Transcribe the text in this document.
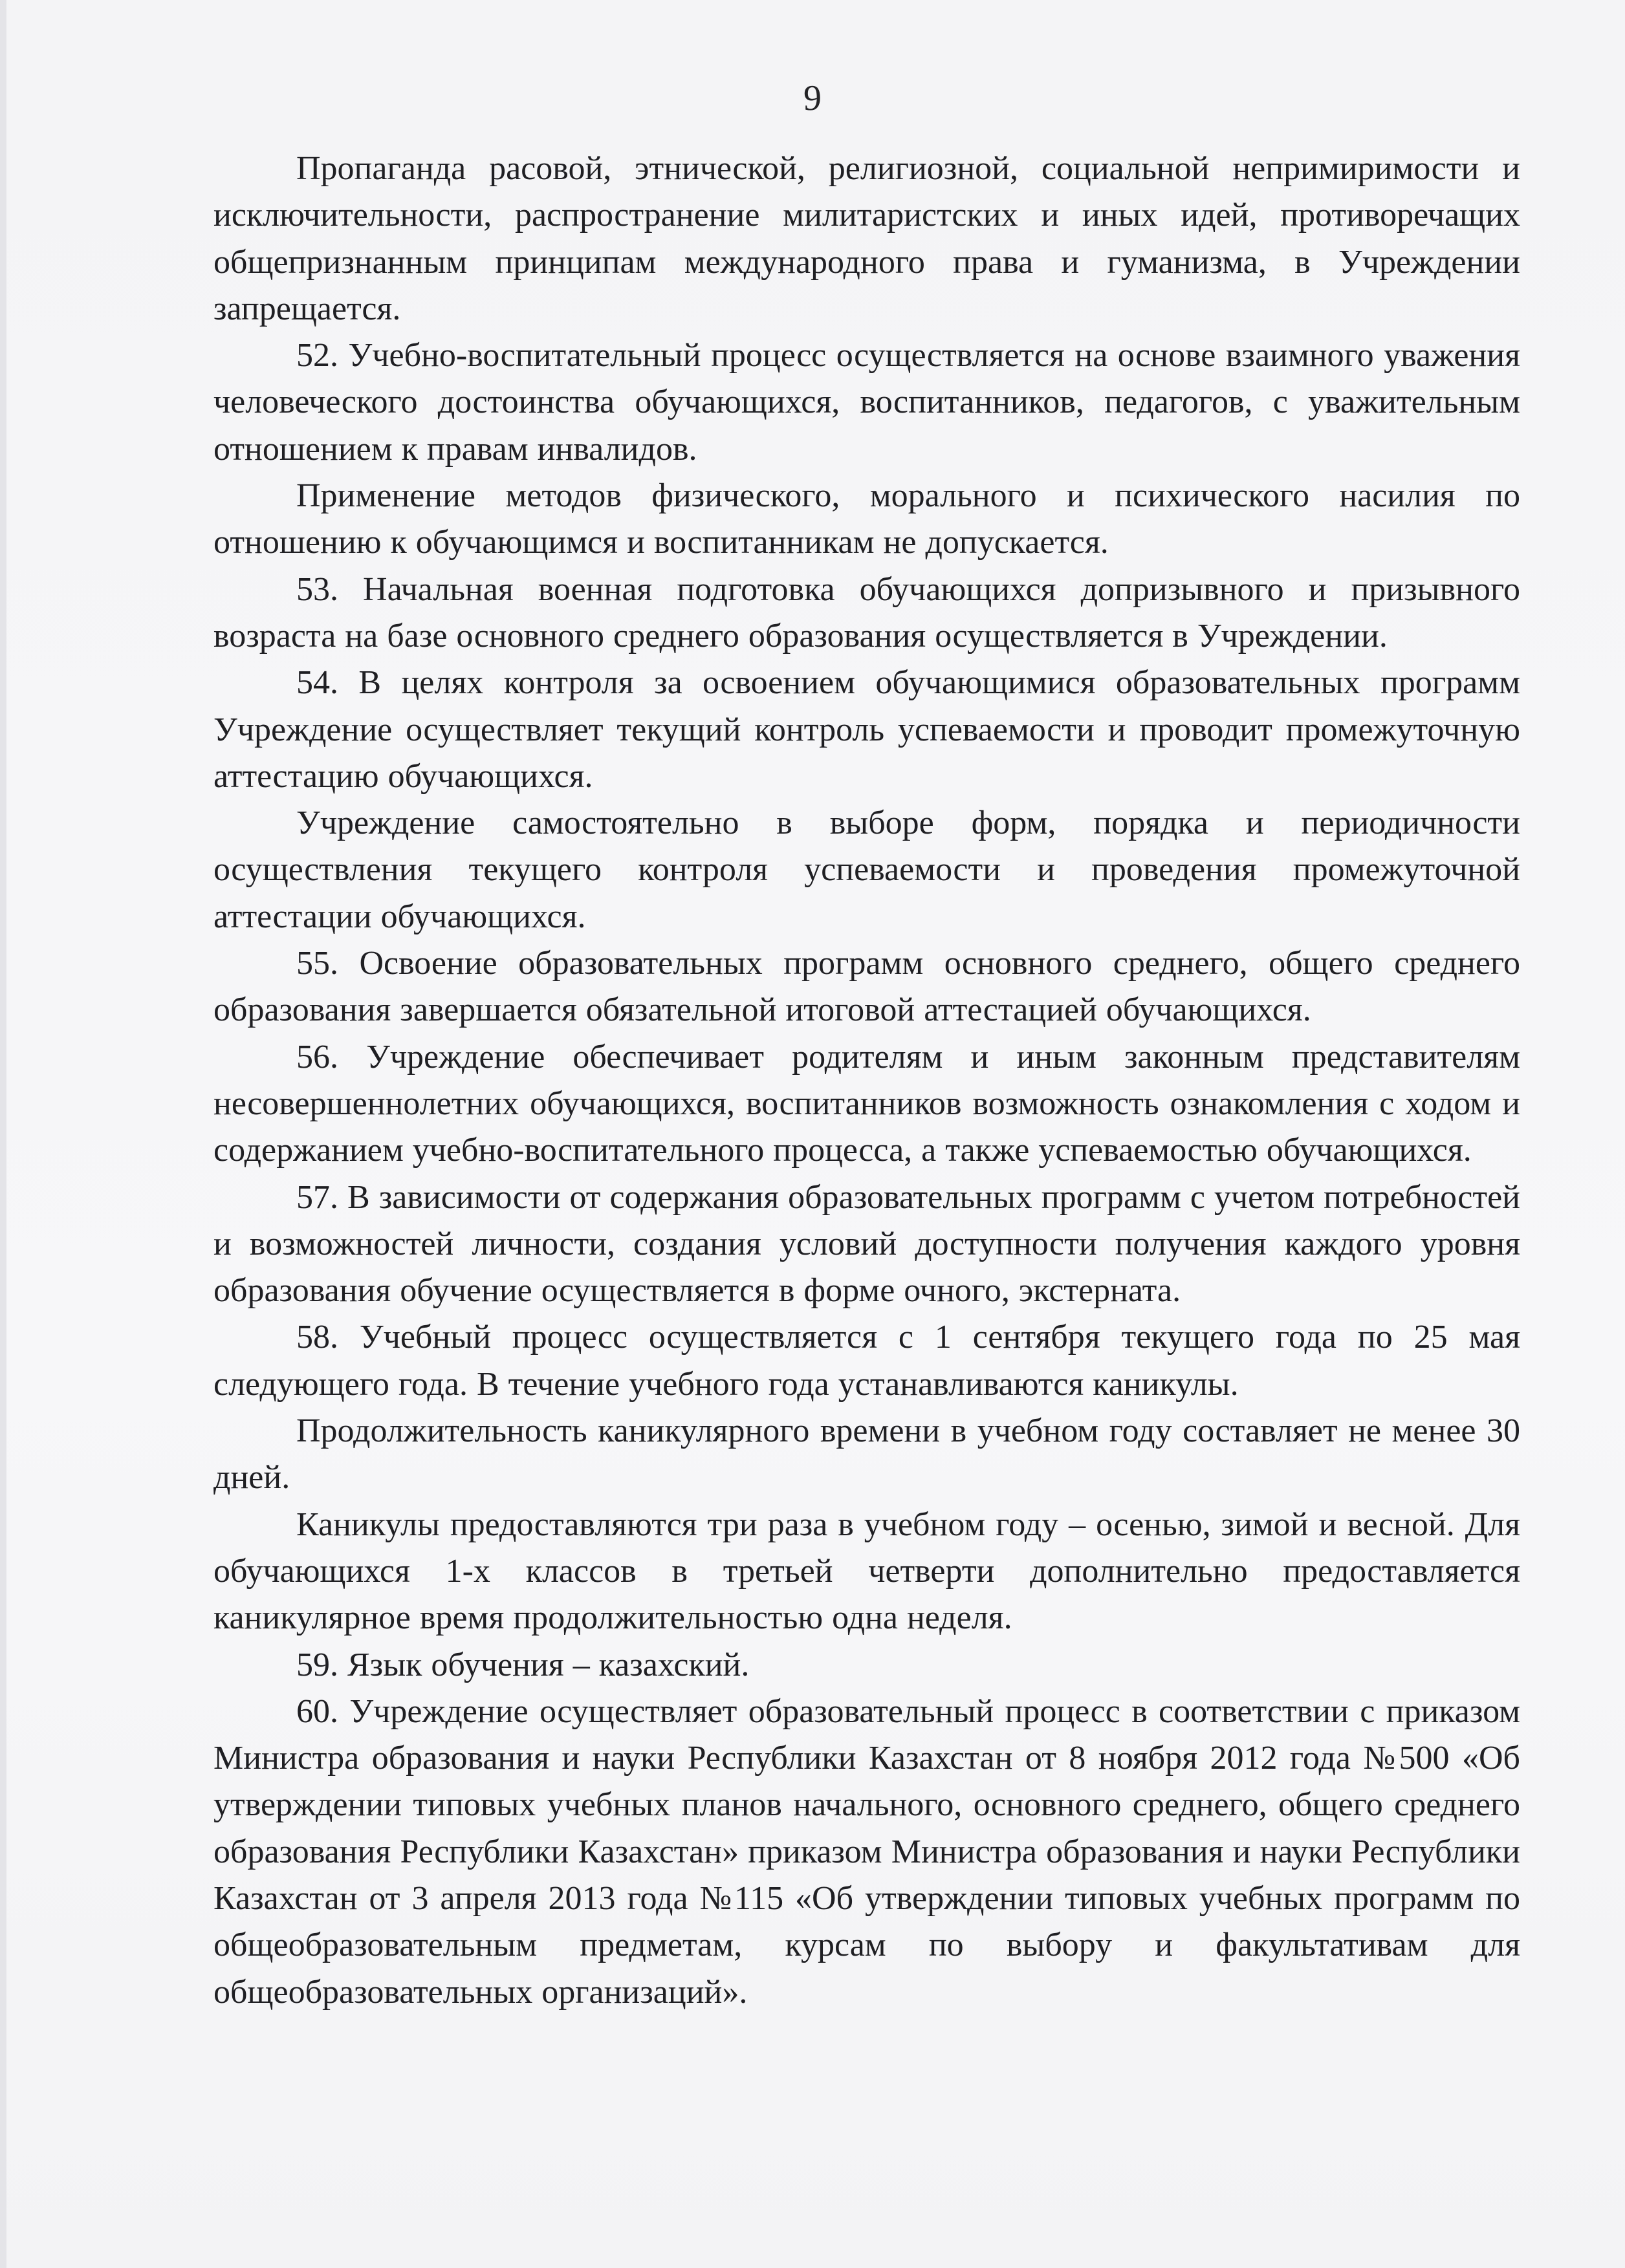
9

Пропаганда расовой, этнической, религиозной, социальной непримиримости и исключительности, распространение милитаристских и иных идей, противоречащих общепризнанным принципам международного права и гуманизма, в Учреждении запрещается.

52. Учебно-воспитательный процесс осуществляется на основе взаимного уважения человеческого достоинства обучающихся, воспитанников, педагогов, с уважительным отношением к правам инвалидов.

Применение методов физического, морального и психического насилия по отношению к обучающимся и воспитанникам не допускается.

53. Начальная военная подготовка обучающихся допризывного и призывного возраста на базе основного среднего образования осуществляется в Учреждении.

54. В целях контроля за освоением обучающимися образовательных программ Учреждение осуществляет текущий контроль успеваемости и проводит промежуточную аттестацию обучающихся.

Учреждение самостоятельно в выборе форм, порядка и периодичности осуществления текущего контроля успеваемости и проведения промежуточной аттестации обучающихся.

55. Освоение образовательных программ основного среднего, общего среднего образования завершается обязательной итоговой аттестацией обучающихся.

56. Учреждение обеспечивает родителям и иным законным представителям несовершеннолетних обучающихся, воспитанников возможность ознакомления с ходом и содержанием учебно-воспитательного процесса, а также успеваемостью обучающихся.

57. В зависимости от содержания образовательных программ с учетом потребностей и возможностей личности, создания условий доступности получения каждого уровня образования обучение осуществляется в форме очного, экстерната.

58. Учебный процесс осуществляется с 1 сентября текущего года по 25 мая следующего года. В течение учебного года устанавливаются каникулы.

Продолжительность каникулярного времени в учебном году составляет не менее 30 дней.

Каникулы предоставляются три раза в учебном году – осенью, зимой и весной. Для обучающихся 1-х классов в третьей четверти дополнительно предоставляется каникулярное время продолжительностью одна неделя.

59. Язык обучения – казахский.

60. Учреждение осуществляет образовательный процесс в соответствии с приказом Министра образования и науки Республики Казахстан от 8 ноября 2012 года №500 «Об утверждении типовых учебных планов начального, основного среднего, общего среднего образования Республики Казахстан» приказом Министра образования и науки Республики Казахстан от 3 апреля 2013 года №115 «Об утверждении типовых учебных программ по общеобразовательным предметам, курсам по выбору и факультативам для общеобразовательных организаций».
